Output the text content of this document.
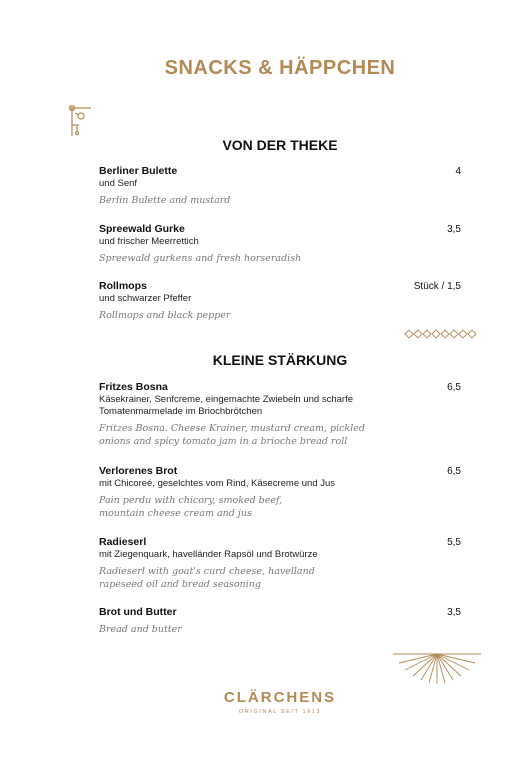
SNACKS & HÄPPCHEN
VON DER THEKE
Berliner Bulette	4
und Senf
Berlin Bulette and mustard
Spreewald Gurke	3,5
und frischer Meerrettich
Spreewald gurkens and fresh horseradish
Rollmops	Stück / 1,5
und schwarzer Pfeffer
Rollmops and black pepper
KLEINE STÄRKUNG
Fritzes Bosna	6,5
Käsekrainer, Senfcreme, eingemachte Zwiebeln und scharfe Tomatenmarmelade im Briochbrötchen
Fritzes Bosna. Cheese Krainer, mustard cream, pickled onions and spicy tomato jam in a brioche bread roll
Verlorenes Brot	6,5
mit Chicoreé, geselchtes vom Rind, Käsecreme und Jus
Pain perdu with chicory, smoked beef, mountain cheese cream and jus
Radieserl	5,5
mit Ziegenquark, havelländer Rapsöl und Brotwürze
Radieserl with goat's curd cheese, havelland rapeseed oil and bread seasoning
Brot und Butter	3,5
Bread and butter
CLÄRCHENS
ORIGINAL SEIT 1913
